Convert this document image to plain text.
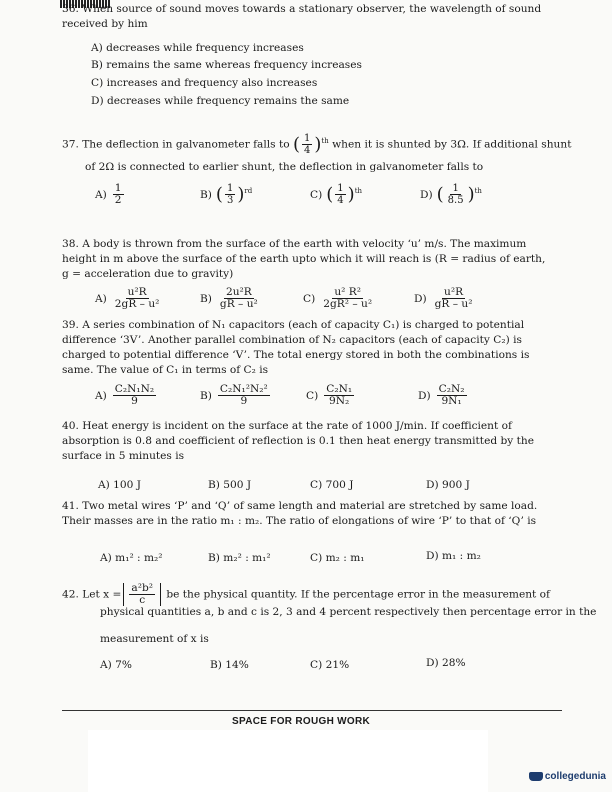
36. When source of sound moves towards a stationary observer, the wavelength of sound received by him
A) decreases while frequency increases
B) remains the same whereas frequency increases
C) increases and frequency also increases
D) decreases while frequency remains the same
37. The deflection in galvanometer falls to ( $\frac{1}{4} )^{th}$ when it is shunted by 3Ω. If additional shunt
of 2Ω is connected to earlier shunt, the deflection in galvanometer falls to
$A) \frac{1}{2}$	B) ( $\frac{1}{3} )^{rd}$	C) ( $\frac{1}{4} )^{th}$	D) ( $\frac{1}{8.5} )^{th}$
38. A body is thrown from the surface of the earth with velocity ‘u’ m/s. The maximum height in m above the surface of the earth upto which it will reach is (R = radius of earth, g = acceleration due to gravity)
$A) \frac{\text{u²R}}{\text{2gR – u²}}$	$B) \frac{\text{2u²R}}{\text{gR – u²}}$	$C) \frac{\text{u² R²}}{\text{2gR² – u²}}$	$D) \frac{\text{u²R}}{\text{gR – u²}}$
39. A series combination of N₁ capacitors (each of capacity C₁) is charged to potential difference ‘3V’. Another parallel combination of N₂ capacitors (each of capacity C₂) is charged to potential difference ‘V’. The total energy stored in both the combinations is same. The value of C₁ in terms of C₂ is
$A) \frac{\text{C₂N₁N₂}}{9}$	$B) \frac{\text{C₂N₁²N₂²}}{9}$	$C) \frac{\text{C₂N₁}}{\text{9N₂}}$	$D) \frac{\text{C₂N₂}}{\text{9N₁}}$
40. Heat energy is incident on the surface at the rate of 1000 J/min. If coefficient of absorption is 0.8 and coefficient of reflection is 0.1 then heat energy transmitted by the surface in 5 minutes is
A) 100 J	B) 500 J	C) 700 J	D) 900 J
41. Two metal wires ‘P’ and ‘Q’ of same length and material are stretched by same load. Their masses are in the ratio m₁ : m₂. The ratio of elongations of wire ‘P’ to that of ‘Q’ is
A) m₁² : m₂²	B) m₂² : m₁²	C) m₂ : m₁	D) m₁ : m₂
42. Let $x = \frac{\text{a²b²}}{c}$ be the physical quantity. If the percentage error in the measurement of
physical quantities a, b and c is 2, 3 and 4 percent respectively then percentage error in the
measurement of x is
A) 7%	B) 14%	C) 21%	D) 28%
SPACE FOR ROUGH WORK
collegedunia
